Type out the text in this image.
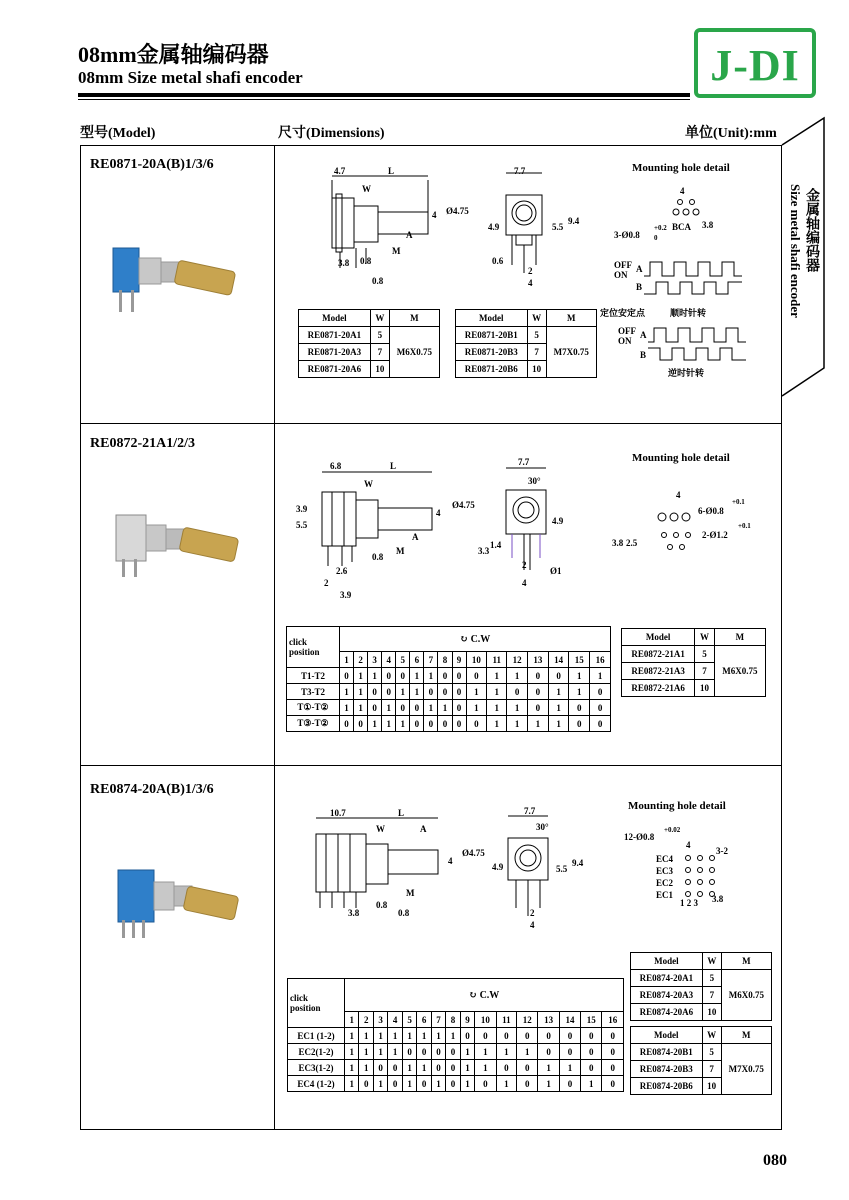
08mm金属轴编码器
08mm Size metal shafi encoder	J-DI
型号(Model)	尺寸(Dimensions)	单位(Unit):mm
金属轴编码器
Size metal shafi encoder
RE0871-20A(B)1/3/6	4.7	L
W
4 Ø4.75
A
M
3.8 0.8
0.8
7.7
4.9	5.5
9.4
0.6
2
4
Mounting hole detail
4
3-Ø0.8
+0.2
0
BCA 3.8
OFF
ON
A
B
定位安定点	顺时针转
OFF
ON
A
B
逆时针转
Model	W	M
RE0871-20A1	5	M6X0.75
RE0871-20A3	7	
RE0871-20A6	10	
Model	W	M
RE0871-20B1	5	M7X0.75
RE0871-20B3	7	
RE0871-20B6	10	
RE0872-21A1/2/3
6.8	L
W
5.5
3.9	4
Ø4.75
A
M
0.8
2.6
2
3.9
7.7
30°
4.9
1.4
3.3
2
4
Ø1
Mounting hole detail
4
6-Ø0.8
+0.1
2-Ø1.2
+0.1
3.8 2.5
click
position	↻ C.W															
	1	2	3	4	5	6	7	8	9	10	11	12	13	14	15	16
T1-T2	0	1	1	0	0	1	1	0	0	0	1	1	0	0	1	1
T3-T2	1	1	0	0	1	1	0	0	0	1	1	0	0	1	1	0
T①-T②	1	1	0	1	0	0	1	1	0	1	1	1	0	1	0	0
T③-T②	0	0	1	1	1	0	0	0	0	0	1	1	1	1	0	0
Model	W	M
RE0872-21A1	5	M6X0.75
RE0872-21A3	7	
RE0872-21A6	10	
RE0874-20A(B)1/3/6
10.7	L
W	A
4
Ø4.75
M
3.8
0.8
0.8
7.7
30°
4.9	5.5
9.4
2
4
Mounting hole detail
12-Ø0.8
+0.02
4
3-2
EC4
EC3
EC2
EC1
1 2 3 3.8
click
position	↻ C.W															
	1	2	3	4	5	6	7	8	9	10	11	12	13	14	15	16
EC1 (1-2)	1	1	1	1	1	1	1	1	0	0	0	0	0	0	0	0
EC2(1-2)	1	1	1	1	0	0	0	0	1	1	1	1	0	0	0	0
EC3(1-2)	1	1	0	0	1	1	0	0	1	1	0	0	1	1	0	0
EC4 (1-2)	1	0	1	0	1	0	1	0	1	0	1	0	1	0	1	0
Model	W	M
RE0874-20A1	5	M6X0.75
RE0874-20A3	7	
RE0874-20A6	10	
Model	W	M
RE0874-20B1	5	M7X0.75
RE0874-20B3	7	
RE0874-20B6	10	
080
